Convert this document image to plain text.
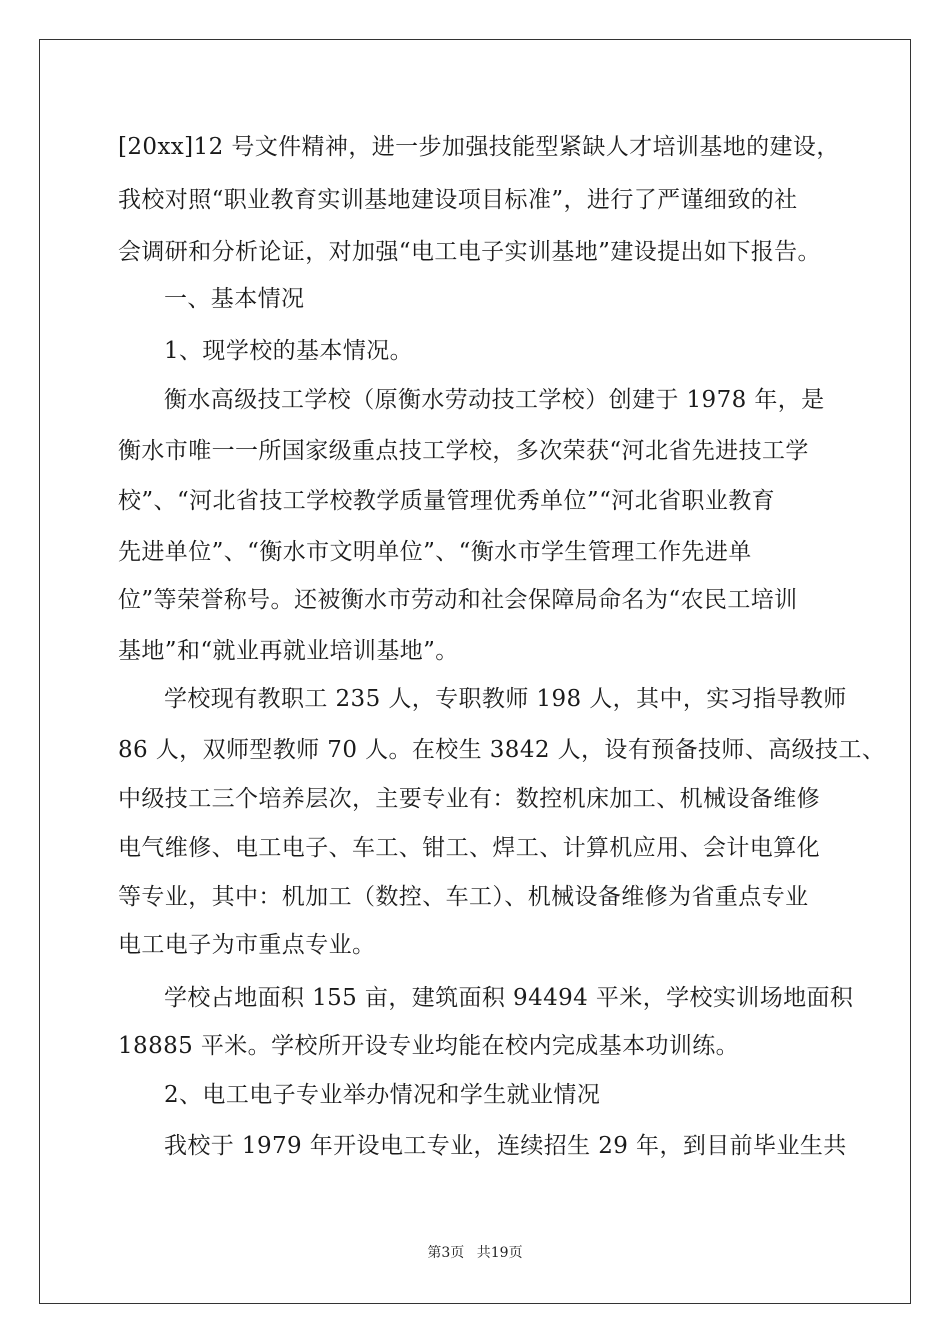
[20xx]12 号文件精神，进一步加强技能型紧缺人才培训基地的建设，
我校对照“职业教育实训基地建设项目标准”，进行了严谨细致的社
会调研和分析论证，对加强“电工电子实训基地”建设提出如下报告。
一、基本情况
1、现学校的基本情况。
衡水高级技工学校（原衡水劳动技工学校）创建于 1978 年，是
衡水市唯一一所国家级重点技工学校，多次荣获“河北省先进技工学
校”、“河北省技工学校教学质量管理优秀单位”“河北省职业教育
先进单位”、“衡水市文明单位”、“衡水市学生管理工作先进单
位”等荣誉称号。还被衡水市劳动和社会保障局命名为“农民工培训
基地”和“就业再就业培训基地”。
学校现有教职工 235 人，专职教师 198 人，其中，实习指导教师
86 人，双师型教师 70 人。在校生 3842 人，设有预备技师、高级技工、
中级技工三个培养层次，主要专业有：数控机床加工、机械设备维修
电气维修、电工电子、车工、钳工、焊工、计算机应用、会计电算化
等专业，其中：机加工（数控、车工）、机械设备维修为省重点专业
电工电子为市重点专业。
学校占地面积 155 亩，建筑面积 94494 平米，学校实训场地面积
18885 平米。学校所开设专业均能在校内完成基本功训练。
2、电工电子专业举办情况和学生就业情况
我校于 1979 年开设电工专业，连续招生 29 年，到目前毕业生共
第3页 共19页
